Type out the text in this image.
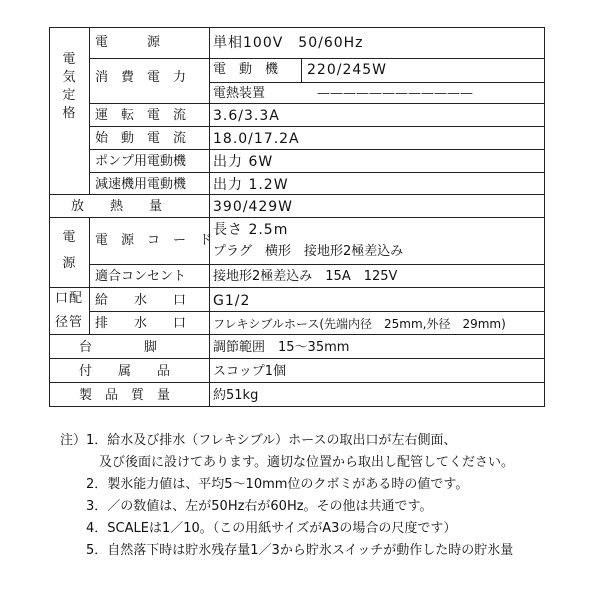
電気定格
電源
口配
径管
電　　　源
消　費　電　力
運　転　電　流
始　動　電　流
ポンプ用電動機
減速機用電動機
放　　熱　　量
電　源　コ　ー　ド
適合コンセント
給　　水　　口
排　　水　　口
台　　　　脚
付　　属　　品
製　品　質　量
単相100V　50/60Hz
電　動　機 220/245W
電熱装置	————————————
3.6/3.3A
18.0/17.2A
出力 6W
出力 1.2W
390/429W
長さ 2.5m
プラグ　横形　接地形2極差込み
接地形2極差込み　15A　125V
G1/2
フレキシブルホース(先端内径　25mm,外径　29mm)
調節範囲　15～35mm
スコップ1個
約51kg
注）1．給水及び排水（フレキシブル）ホースの取出口が左右側面、
　　　及び後面に設けてあります。適切な位置から取出し配管してください。
　　2．製氷能力値は、平均5～10mm位のクボミがある時の値です。
　　3．／の数値は、左が50Hz右が60Hz。その他は共通です。
　　4．SCALEは1／10。（この用紙サイズがA3の場合の尺度です）
　　5．自然落下時は貯氷残存量1／3から貯氷スイッチが動作した時の貯氷量
